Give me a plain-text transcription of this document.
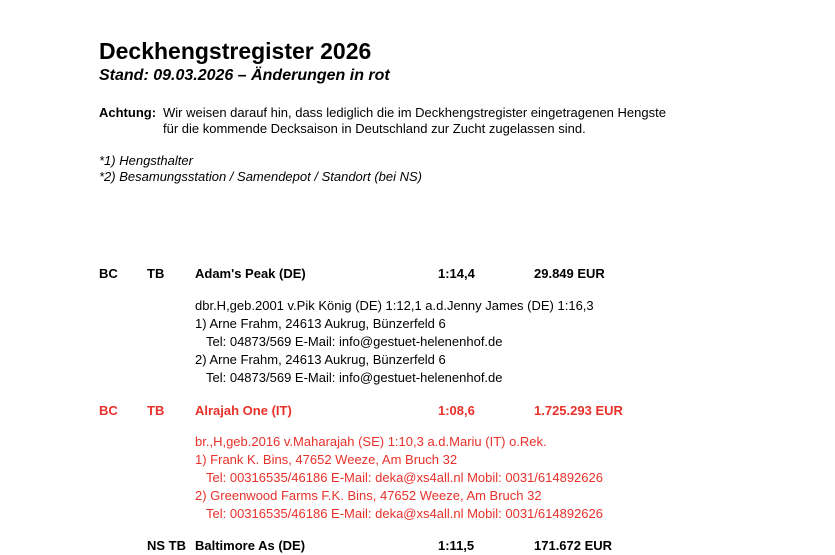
Deckhengstregister 2026
Stand: 09.03.2026 – Änderungen in rot
Achtung: Wir weisen darauf hin, dass lediglich die im Deckhengstregister eingetragenen Hengste
für die kommende Decksaison in Deutschland zur Zucht zugelassen sind.
*1) Hengsthalter
*2) Besamungsstation / Samendepot / Standort (bei NS)
BC TB Adam's Peak (DE)	1:14,4	29.849 EUR
dbr.H,geb.2001 v.Pik König (DE) 1:12,1 a.d.Jenny James (DE) 1:16,3
1) Arne Frahm, 24613 Aukrug, Bünzerfeld 6
Tel: 04873/569 E-Mail: info@gestuet-helenenhof.de
2) Arne Frahm, 24613 Aukrug, Bünzerfeld 6
Tel: 04873/569 E-Mail: info@gestuet-helenenhof.de
BC TB Alrajah One (IT)	1:08,6	1.725.293 EUR
br.,H,geb.2016 v.Maharajah (SE) 1:10,3 a.d.Mariu (IT) o.Rek.
1) Frank K. Bins, 47652 Weeze, Am Bruch 32
Tel: 00316535/46186 E-Mail: deka@xs4all.nl Mobil: 0031/614892626
2) Greenwood Farms F.K. Bins, 47652 Weeze, Am Bruch 32
Tel: 00316535/46186 E-Mail: deka@xs4all.nl Mobil: 0031/614892626
NS TB Baltimore As (DE)	1:11,5	171.672 EUR
